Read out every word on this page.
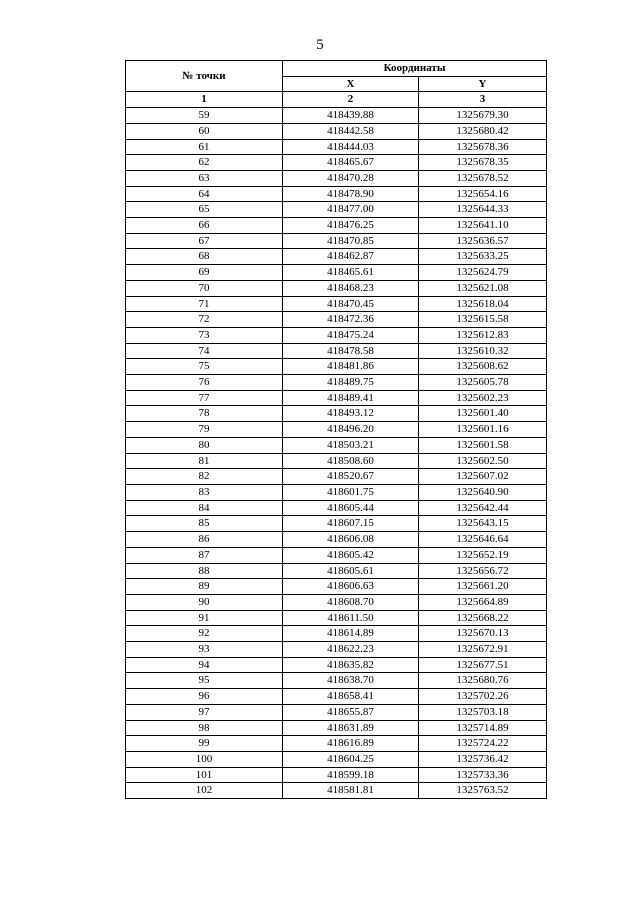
5
№ точки	Координаты	
	X	Y
1	2	3
59	418439.88	1325679.30
60	418442.58	1325680.42
61	418444.03	1325678.36
62	418465.67	1325678.35
63	418470.28	1325678.52
64	418478.90	1325654.16
65	418477.00	1325644.33
66	418476.25	1325641.10
67	418470.85	1325636.57
68	418462.87	1325633.25
69	418465.61	1325624.79
70	418468.23	1325621.08
71	418470.45	1325618.04
72	418472.36	1325615.58
73	418475.24	1325612.83
74	418478.58	1325610.32
75	418481.86	1325608.62
76	418489.75	1325605.78
77	418489.41	1325602.23
78	418493.12	1325601.40
79	418496.20	1325601.16
80	418503.21	1325601.58
81	418508.60	1325602.50
82	418520.67	1325607.02
83	418601.75	1325640.90
84	418605.44	1325642.44
85	418607.15	1325643.15
86	418606.08	1325646.64
87	418605.42	1325652.19
88	418605.61	1325656.72
89	418606.63	1325661.20
90	418608.70	1325664.89
91	418611.50	1325668.22
92	418614.89	1325670.13
93	418622.23	1325672.91
94	418635.82	1325677.51
95	418638.70	1325680.76
96	418658.41	1325702.26
97	418655.87	1325703.18
98	418631.89	1325714.89
99	418616.89	1325724.22
100	418604.25	1325736.42
101	418599.18	1325733.36
102	418581.81	1325763.52
